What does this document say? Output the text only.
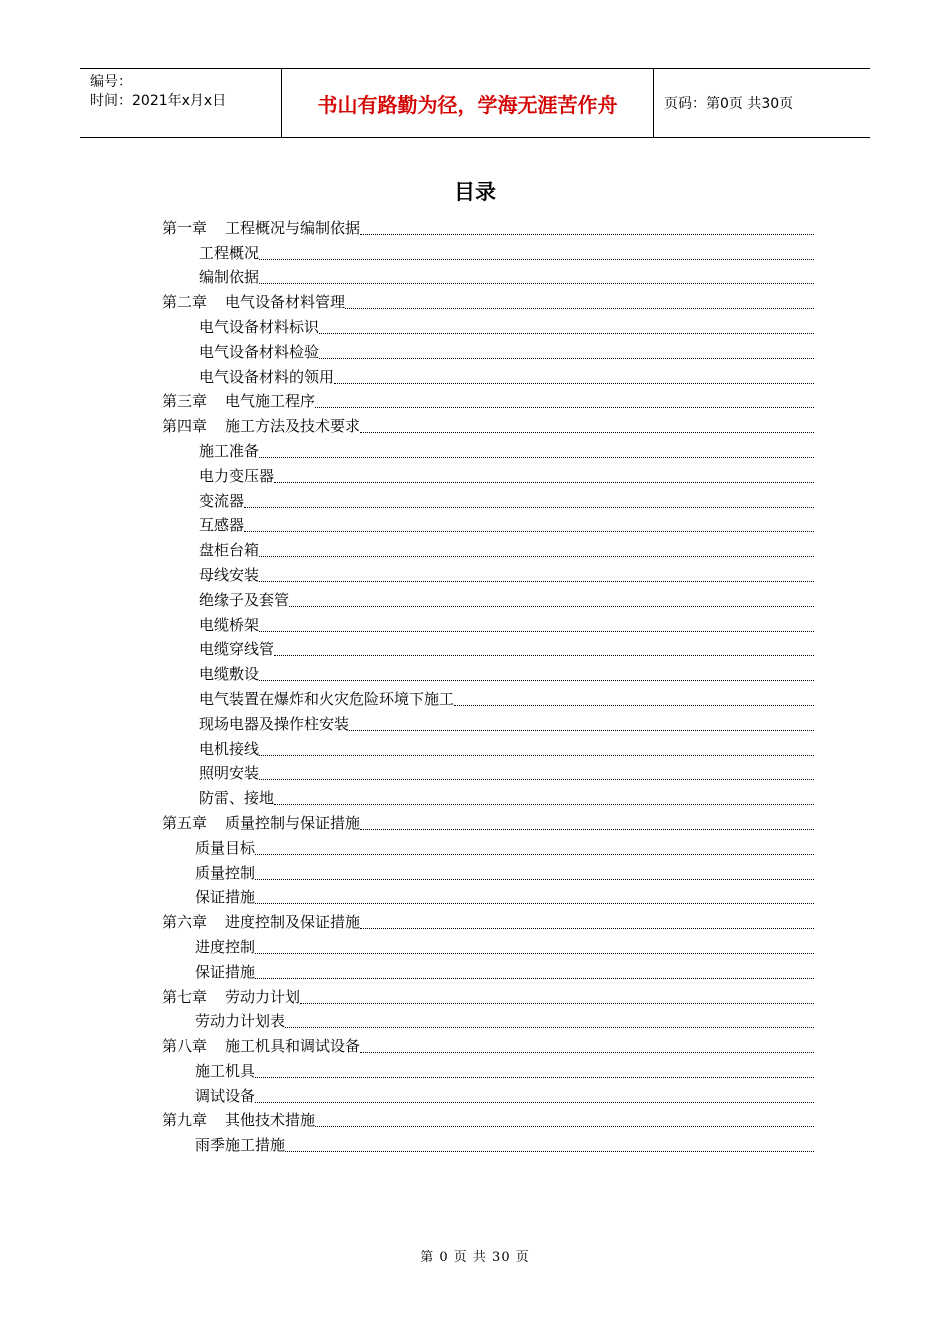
编号：
时间：2021年x月x日	书山有路勤为径，学海无涯苦作舟	页码：第0页 共30页
目录
第一章 工程概况与编制依据
工程概况
编制依据
第二章 电气设备材料管理
电气设备材料标识
电气设备材料检验
电气设备材料的领用
第三章 电气施工程序
第四章 施工方法及技术要求
施工准备
电力变压器
变流器
互感器
盘柜台箱
母线安装
绝缘子及套管
电缆桥架
电缆穿线管
电缆敷设
电气装置在爆炸和火灾危险环境下施工
现场电器及操作柱安装
电机接线
照明安装
防雷、接地
第五章 质量控制与保证措施
质量目标
质量控制
保证措施
第六章 进度控制及保证措施
进度控制
保证措施
第七章 劳动力计划
劳动力计划表
第八章 施工机具和调试设备
施工机具
调试设备
第九章 其他技术措施
雨季施工措施
第 0 页 共 30 页
